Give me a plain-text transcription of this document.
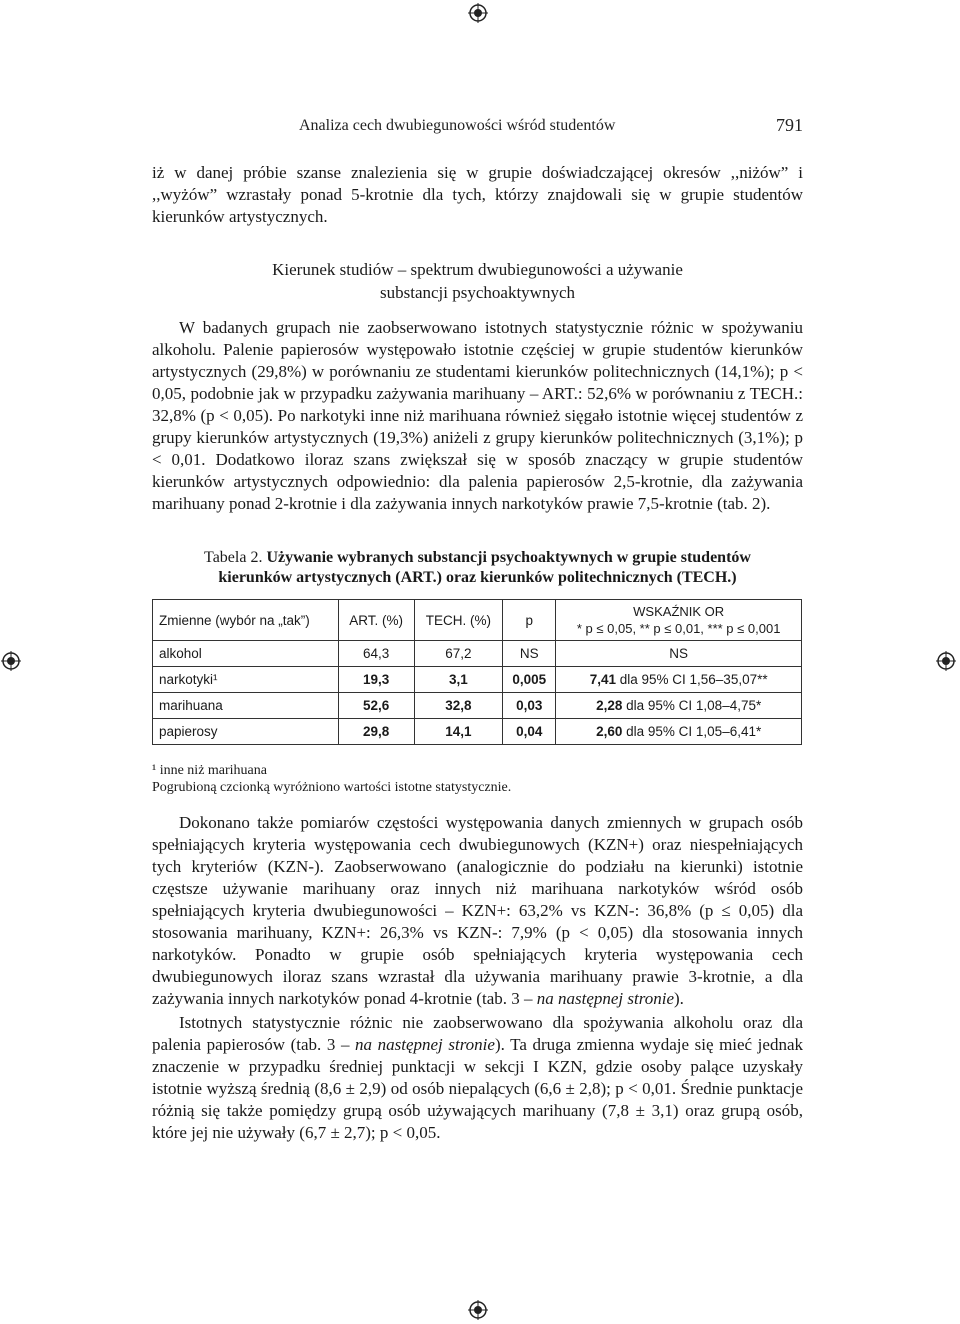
Analiza cech dwubiegunowości wśród studentów	791

iż w danej próbie szanse znalezienia się w grupie doświadczającej okresów ,,niżów” i ,,wyżów” wzrastały ponad 5-krotnie dla tych, którzy znajdowali się w grupie studentów kierunków artystycznych.

Kierunek studiów – spektrum dwubiegunowości a używanie
substancji psychoaktywnych

W badanych grupach nie zaobserwowano istotnych statystycznie różnic w spożywaniu alkoholu. Palenie papierosów występowało istotnie częściej w grupie studentów kierunków artystycznych (29,8%) w porównaniu ze studentami kierunków politechnicznych (14,1%); p < 0,05, podobnie jak w przypadku zażywania marihuany – ART.: 52,6% w porównaniu z TECH.: 32,8% (p < 0,05). Po narkotyki inne niż marihuana również sięgało istotnie więcej studentów z grupy kierunków artystycznych (19,3%) aniżeli z grupy kierunków politechnicznych (3,1%); p < 0,01. Dodatkowo iloraz szans zwiększał się w sposób znaczący w grupie studentów kierunków artystycznych odpowiednio: dla palenia papierosów 2,5-krotnie, dla zażywania marihuany ponad 2-krotnie i dla zażywania innych narkotyków prawie 7,5-krotnie (tab. 2).

Tabela 2. Używanie wybranych substancji psychoaktywnych w grupie studentów
kierunków artystycznych (ART.) oraz kierunków politechnicznych (TECH.)
Zmienne (wybór na „tak”)	ART. (%)	TECH. (%)	p	WSKAŹNIK OR
* p ≤ 0,05, ** p ≤ 0,01, *** p ≤ 0,001

alkohol	64,3	67,2	NS	NS
narkotyki¹	19,3	3,1	0,005	7,41 dla 95% CI 1,56–35,07**
marihuana	52,6	32,8	0,03	2,28 dla 95% CI 1,08–4,75*
papierosy	29,8	14,1	0,04	2,60 dla 95% CI 1,05–6,41*
¹ inne niż marihuana
Pogrubioną czcionką wyróżniono wartości istotne statystycznie.

Dokonano także pomiarów częstości występowania danych zmiennych w grupach osób spełniających kryteria występowania cech dwubiegunowych (KZN+) oraz niespełniających tych kryteriów (KZN-). Zaobserwowano (analogicznie do podziału na kierunki) istotnie częstsze używanie marihuany oraz innych niż marihuana narkotyków wśród osób spełniających kryteria dwubiegunowości – KZN+: 63,2% vs KZN-: 36,8% (p ≤ 0,05) dla stosowania marihuany, KZN+: 26,3% vs KZN-: 7,9% (p < 0,05) dla stosowania innych narkotyków. Ponadto w grupie osób spełniających kryteria występowania cech dwubiegunowych iloraz szans wzrastał dla używania marihuany prawie 3-krotnie, a dla zażywania innych narkotyków ponad 4-krotnie (tab. 3 – na następnej stronie).

Istotnych statystycznie różnic nie zaobserwowano dla spożywania alkoholu oraz dla palenia papierosów (tab. 3 – na następnej stronie). Ta druga zmienna wydaje się mieć jednak znaczenie w przypadku średniej punktacji w sekcji I KZN, gdzie osoby palące uzyskały istotnie wyższą średnią (8,6 ± 2,9) od osób niepalących (6,6 ± 2,8); p < 0,01. Średnie punktacje różnią się także pomiędzy grupą osób używających marihuany (7,8 ± 3,1) oraz grupą osób, które jej nie używały (6,7 ± 2,7); p < 0,05.
